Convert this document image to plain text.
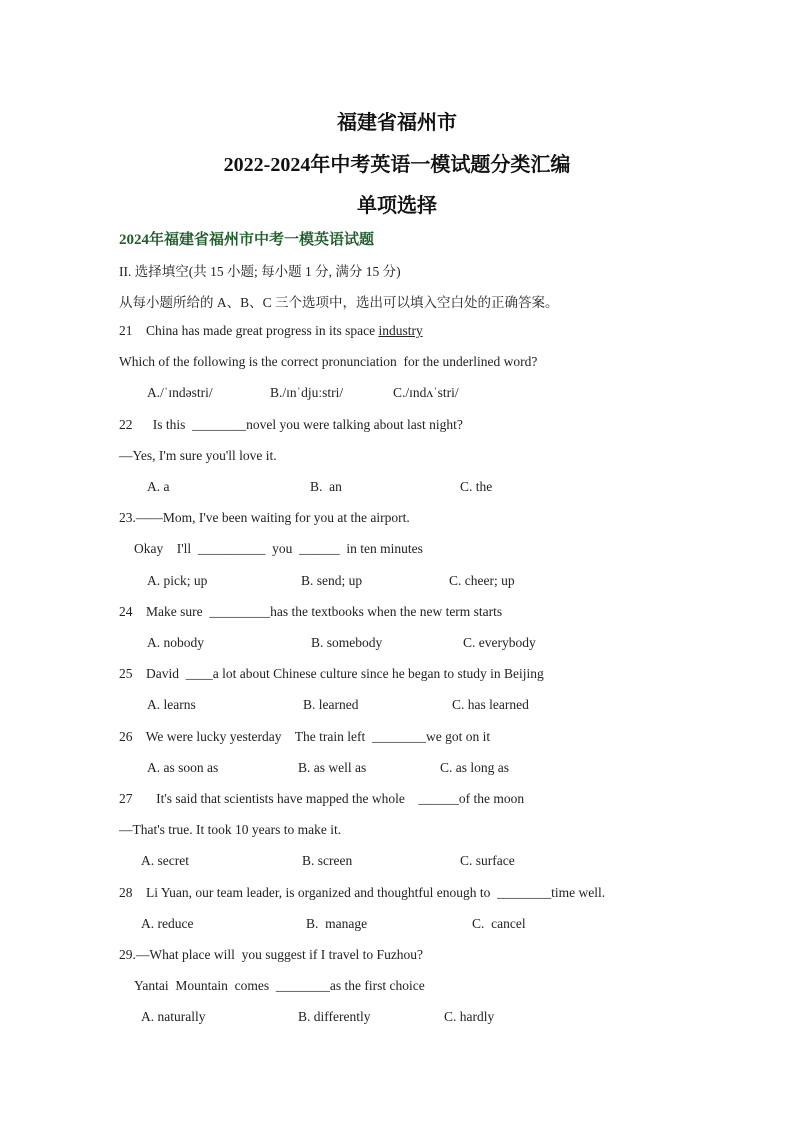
福建省福州市
2022-2024年中考英语一模试题分类汇编
单项选择
2024年福建省福州市中考一模英语试题
II. 选择填空(共 15 小题; 每小题 1 分, 满分 15 分)
从每小题所给的 A、B、C 三个选项中，选出可以填入空白处的正确答案。
21    China has made great progress in its space industry
Which of the following is the correct pronunciation  for the underlined word?
A./ˈɪndəstri/	B./ɪnˈdjuːstri/	C./ɪndʌˈstri/
22      Is this  ________novel you were talking about last night?
—Yes, I'm sure you'll love it.
A. a	B.  an	C. the
23.——Mom, I've been waiting for you at the airport.
Okay    I'll  __________  you  ______  in ten minutes
A. pick; up	B. send; up	C. cheer; up
24    Make sure  _________has the textbooks when the new term starts
A. nobody	B. somebody	C. everybody
25    David  ____a lot about Chinese culture since he began to study in Beijing
A. learns	B. learned	C. has learned
26    We were lucky yesterday    The train left  ________we got on it
A. as soon as	B. as well as	C. as long as
27       It's said that scientists have mapped the whole    ______of the moon
—That's true. It took 10 years to make it.
A. secret	B. screen	C. surface
28    Li Yuan, our team leader, is organized and thoughtful enough to  ________time well.
A. reduce	B.  manage	C.  cancel
29.—What place will  you suggest if I travel to Fuzhou?
Yantai  Mountain  comes  ________as the first choice
A. naturally	B. differently	C. hardly
